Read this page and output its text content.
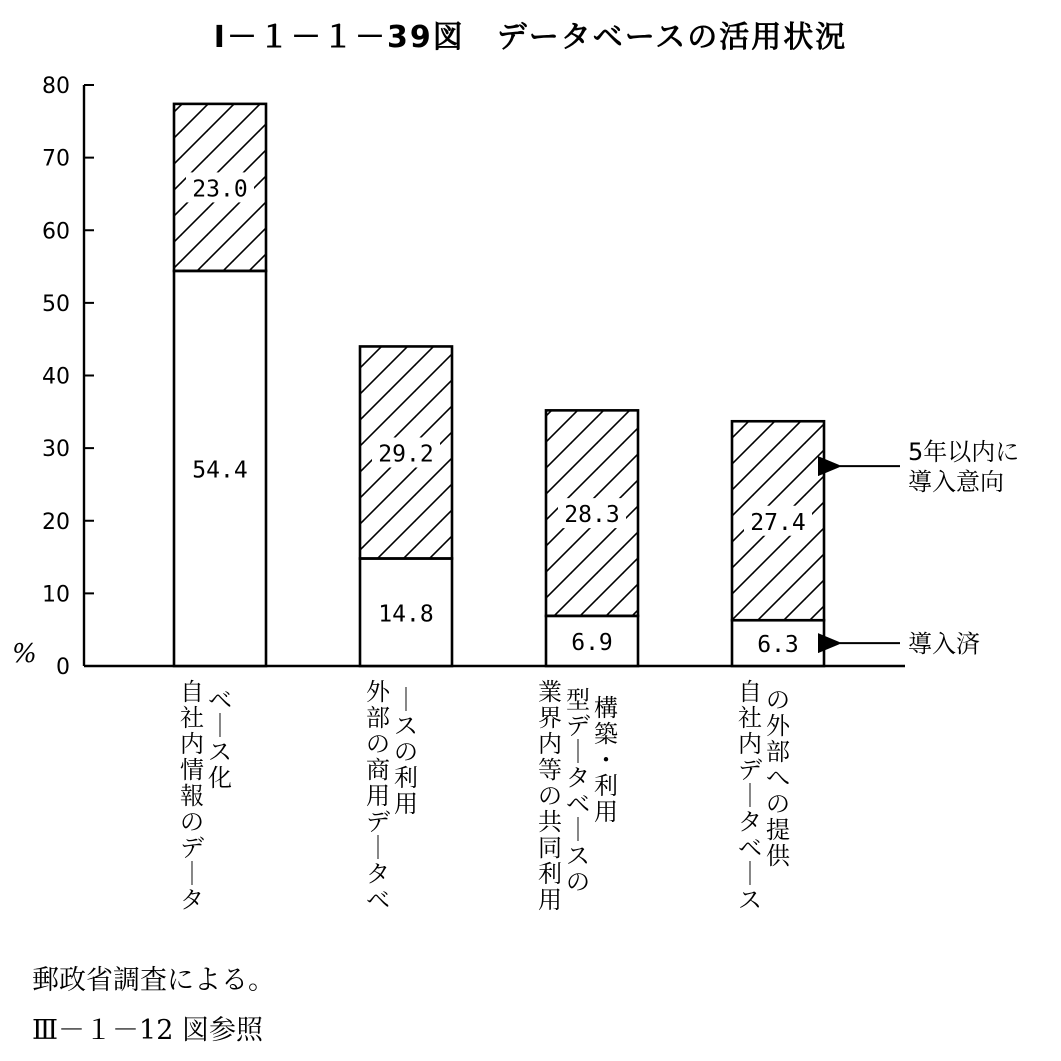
Ⅰ－１－１－39図　データベースの活用状況
0
10
20
30
40
50
60
70
80
%
54.4
23.0
自
社
内
情
報
の
デ
｜
タ
ベ
｜
ス
化
14.8
29.2
外
部
の
商
用
デ
｜
タ
ベ
｜
ス
の
利
用
6.9
28.3
業
界
内
等
の
共
同
利
用
型
デ
｜
タ
ベ
｜
ス
の
構
築
・
利
用
6.3
27.4
自
社
内
デ
｜
タ
ベ
｜
ス
の
外
部
へ
の
提
供
5年以内に
導入意向
導入済
郵政省調査による。
Ⅲ－１－12 図参照
